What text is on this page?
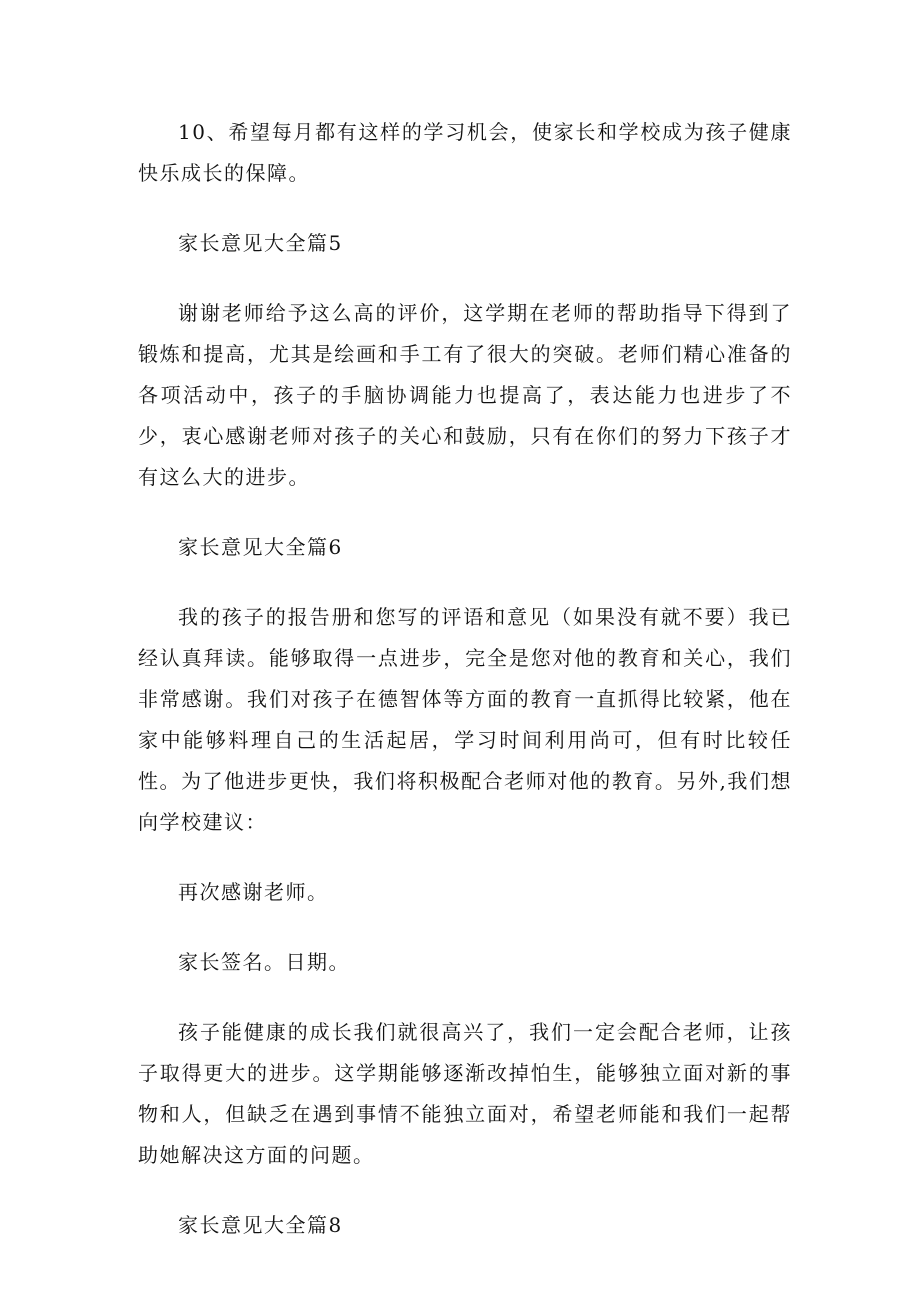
10、希望每月都有这样的学习机会，使家长和学校成为孩子健康快乐成长的保障。

家长意见大全篇5

谢谢老师给予这么高的评价，这学期在老师的帮助指导下得到了锻炼和提高，尤其是绘画和手工有了很大的突破。老师们精心准备的各项活动中，孩子的手脑协调能力也提高了，表达能力也进步了不少，衷心感谢老师对孩子的关心和鼓励，只有在你们的努力下孩子才有这么大的进步。

家长意见大全篇6

我的孩子的报告册和您写的评语和意见（如果没有就不要）我已经认真拜读。能够取得一点进步，完全是您对他的教育和关心，我们非常感谢。我们对孩子在德智体等方面的教育一直抓得比较紧，他在家中能够料理自己的生活起居，学习时间利用尚可，但有时比较任性。为了他进步更快，我们将积极配合老师对他的教育。另外,我们想向学校建议：

再次感谢老师。

家长签名。日期。

孩子能健康的成长我们就很高兴了，我们一定会配合老师，让孩子取得更大的进步。这学期能够逐渐改掉怕生，能够独立面对新的事物和人，但缺乏在遇到事情不能独立面对，希望老师能和我们一起帮助她解决这方面的问题。

家长意见大全篇8
